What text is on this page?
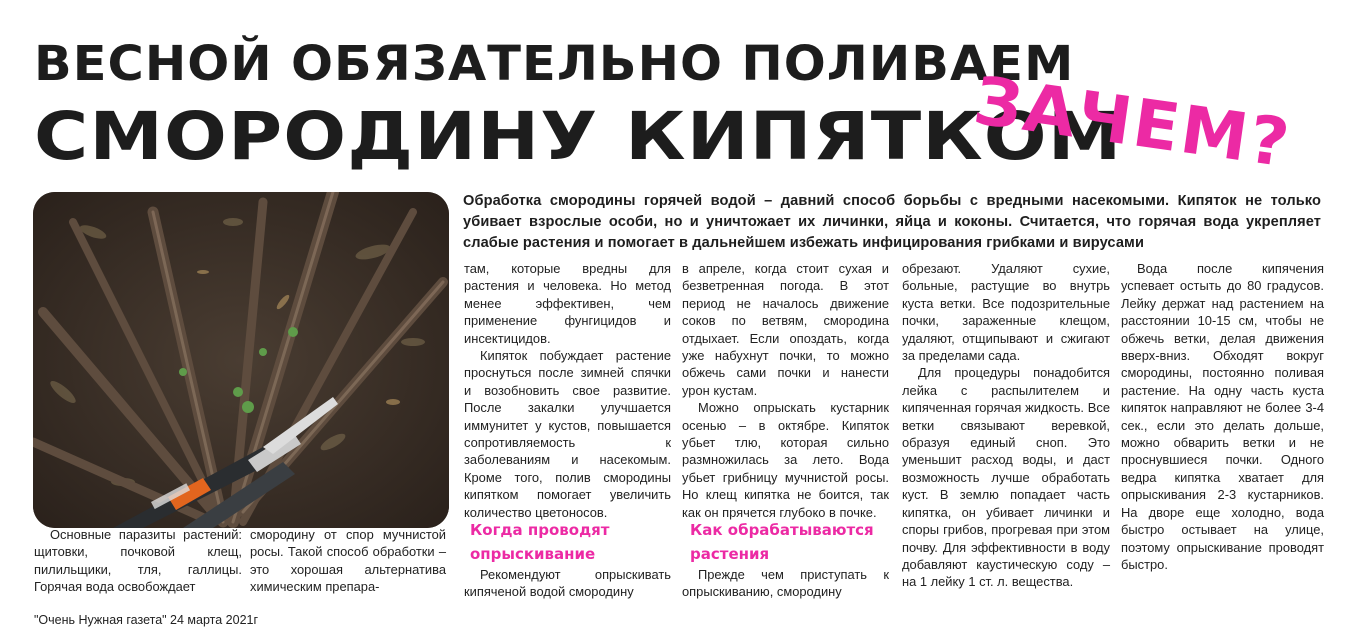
ВЕСНОЙ ОБЯЗАТЕЛЬНО ПОЛИВАЕМ
СМОРОДИНУ КИПЯТКОМ
ЗАЧЕМ?
Обработка смородины горячей водой – давний способ борьбы с вредными насекомыми. Кипяток не только убивает взрослые особи, но и уничтожает их личинки, яйца и коконы. Считается, что горячая вода укрепляет слабые растения и помогает в дальнейшем избежать инфицирования грибками и вирусами

Основные паразиты растений: щитовки, почковой клещ, пилильщики, тля, галлицы. Горячая вода освобождает

смородину от спор мучнистой росы. Такой способ обработки – это хорошая альтернатива химическим препара-

там, которые вредны для растения и человека. Но метод менее эффективен, чем применение фунгицидов и инсектицидов.

Кипяток побуждает растение проснуться после зимней спячки и возобновить свое развитие. После закалки улучшается иммунитет у кустов, повышается сопротивляемость к заболеваниям и насекомым. Кроме того, полив смородины кипятком помогает увеличить количество цветоносов.

Когда проводят
опрыскивание

Рекомендуют опрыскивать кипяченой водой смородину

в апреле, когда стоит сухая и безветренная погода. В этот период не началось движение соков по ветвям, смородина отдыхает. Если опоздать, когда уже набухнут почки, то можно обжечь сами почки и нанести урон кустам.

Можно опрыскать кустарник осенью – в октябре. Кипяток убьет тлю, которая сильно размножилась за лето. Вода убьет грибницу мучнистой росы. Но клещ кипятка не боится, так как он прячется глубоко в почке.

Как обрабатываются
растения

Прежде чем приступать к опрыскиванию, смородину

обрезают. Удаляют сухие, больные, растущие во внутрь куста ветки. Все подозрительные почки, зараженные клещом, удаляют, отщипывают и сжигают за пределами сада.

Для процедуры понадобится лейка с распылителем и кипяченная горячая жидкость. Все ветки связывают веревкой, образуя единый сноп. Это уменьшит расход воды, и даст возможность лучше обработать куст. В землю попадает часть кипятка, он убивает личинки и споры грибов, прогревая при этом почву. Для эффективности в воду добавляют каустическую соду – на 1 лейку 1 ст. л. вещества.

Вода после кипячения успевает остыть до 80 градусов. Лейку держат над растением на расстоянии 10-15 см, чтобы не обжечь ветки, делая движения вверх-вниз. Обходят вокруг смородины, постоянно поливая растение. На одну часть куста кипяток направляют не более 3-4 сек., если это делать дольше, можно обварить ветки и не проснувшиеся почки. Одного ведра кипятка хватает для опрыскивания 2-3 кустарников. На дворе еще холодно, вода быстро остывает на улице, поэтому опрыскивание проводят быстро.

"Очень Нужная газета" 24 марта 2021г
